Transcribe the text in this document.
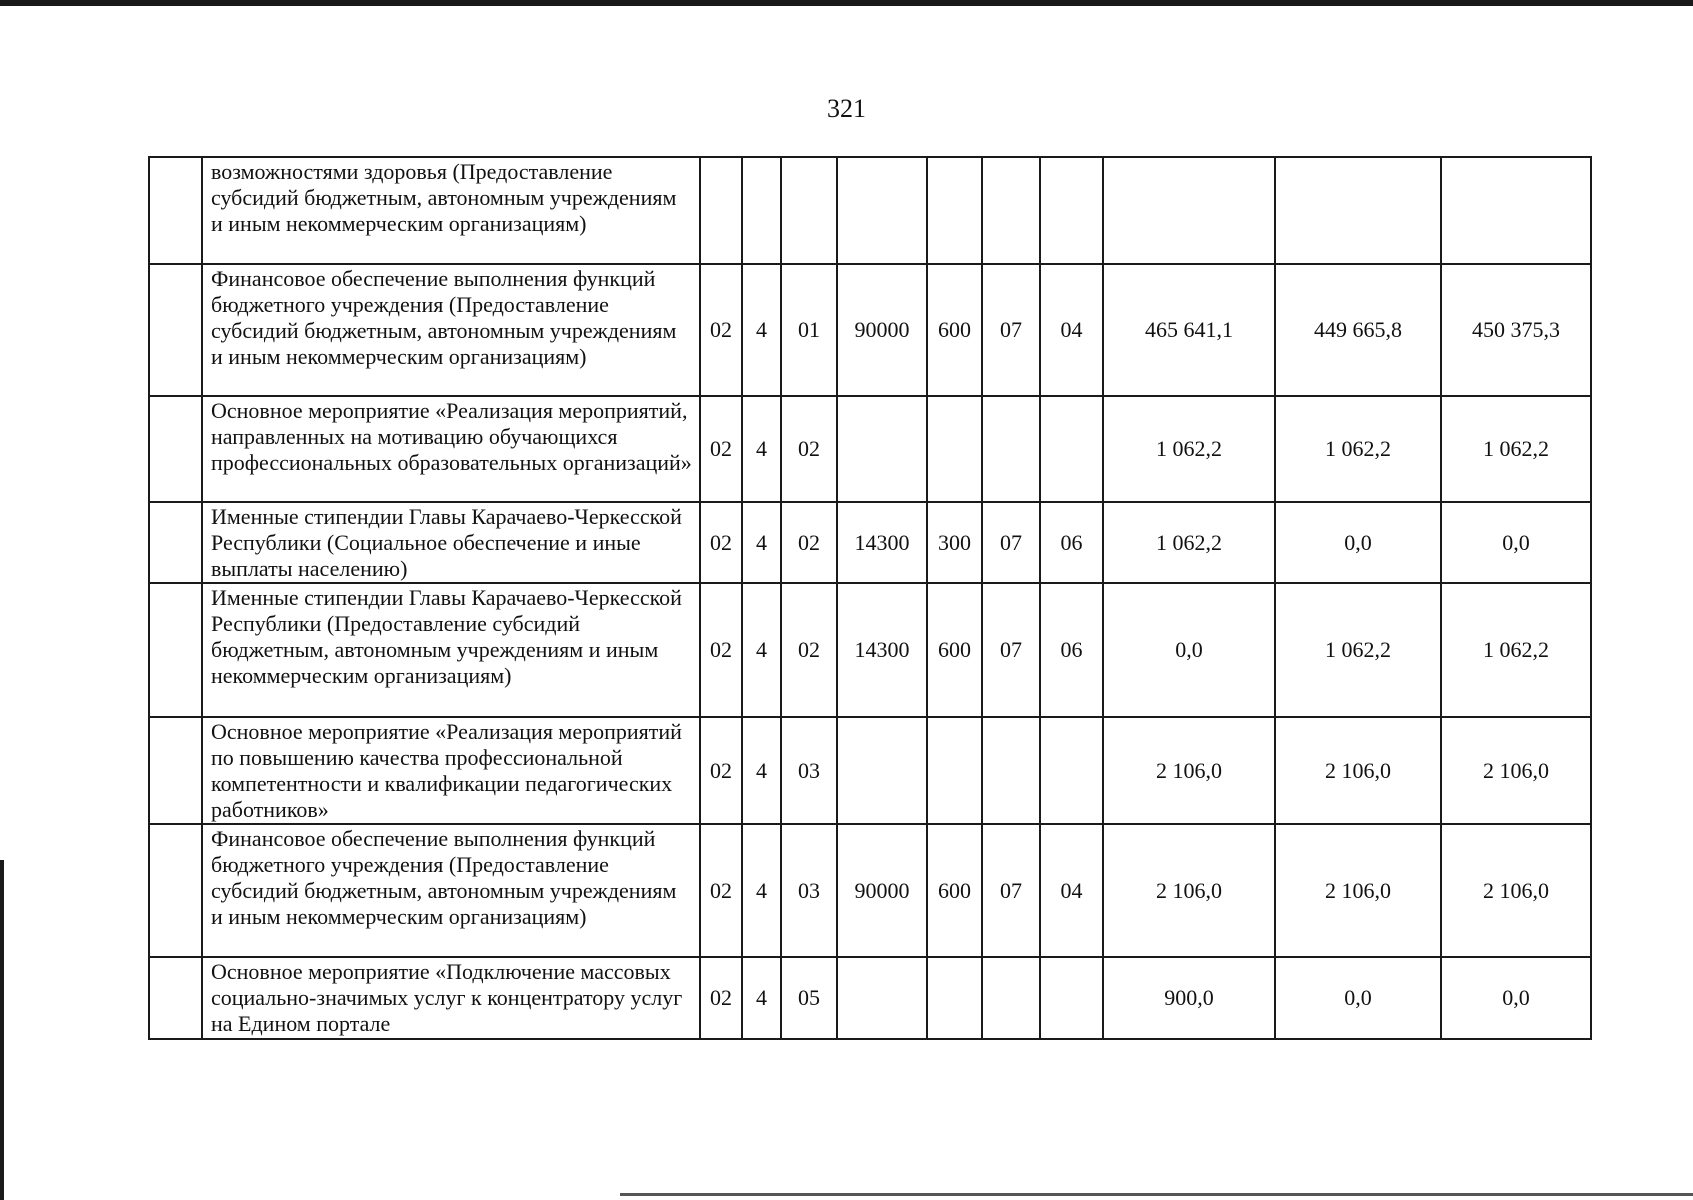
321
	возможностями здоровья (Предоставление субсидий бюджетным, автономным учреждениям и иным некоммерческим организациям)										
	Финансовое обеспечение выполнения функций бюджетного учреждения (Предоставление субсидий бюджетным, автономным учреждениям и иным некоммерческим организациям)	02	4	01	90000	600	07	04	465 641,1	449 665,8	450 375,3
	Основное мероприятие «Реализация мероприятий, направленных на мотивацию обучающихся профессиональных образовательных организаций»	02	4	02					1 062,2	1 062,2	1 062,2
	Именные стипендии Главы Карачаево-Черкесской Республики (Социальное обеспечение и иные выплаты населению)	02	4	02	14300	300	07	06	1 062,2	0,0	0,0
	Именные стипендии Главы Карачаево-Черкесской Республики (Предоставление субсидий бюджетным, автономным учреждениям и иным некоммерческим организациям)	02	4	02	14300	600	07	06	0,0	1 062,2	1 062,2
	Основное мероприятие «Реализация мероприятий по повышению качества профессиональной компетентности и квалификации педагогических работников»	02	4	03					2 106,0	2 106,0	2 106,0
	Финансовое обеспечение выполнения функций бюджетного учреждения (Предоставление субсидий бюджетным, автономным учреждениям и иным некоммерческим организациям)	02	4	03	90000	600	07	04	2 106,0	2 106,0	2 106,0
	Основное мероприятие «Подключение массовых социально-значимых услуг к концентратору услуг на Едином портале	02	4	05					900,0	0,0	0,0
